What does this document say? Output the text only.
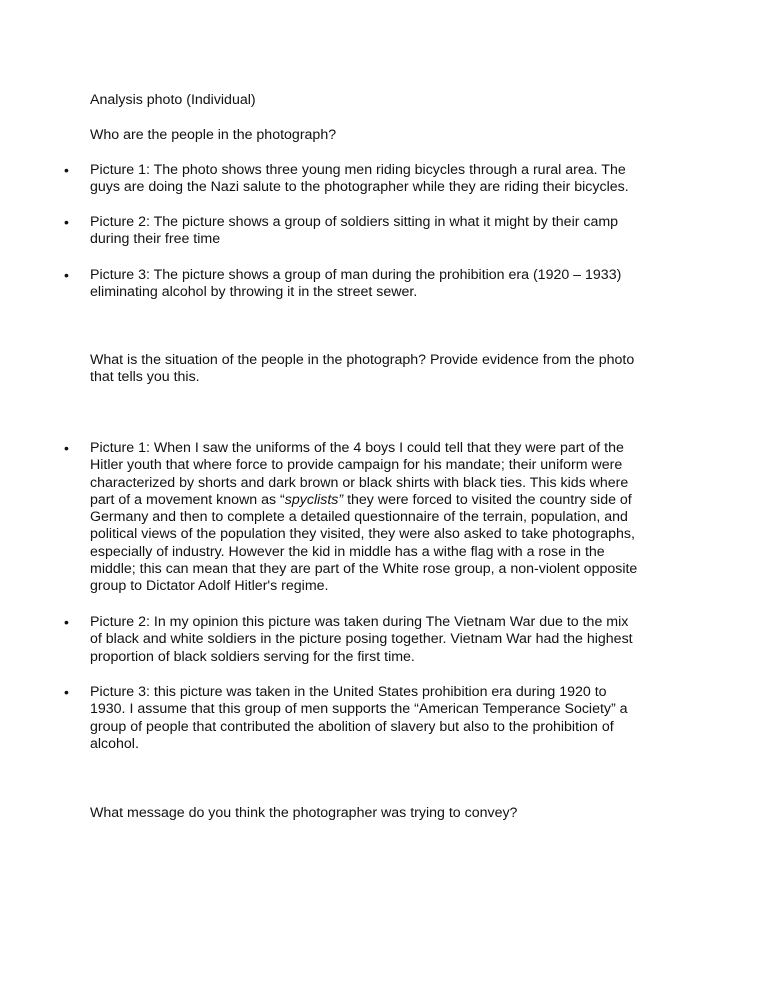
Analysis photo (Individual)

Who are the people in the photograph?

• Picture 1: The photo shows three young men riding bicycles through a rural area. The
guys are doing the Nazi salute to the photographer while they are riding their bicycles.

• Picture 2: The picture shows a group of soldiers sitting in what it might by their camp
during their free time

• Picture 3: The picture shows a group of man during the prohibition era (1920 – 1933)
eliminating alcohol by throwing it in the street sewer.

What is the situation of the people in the photograph? Provide evidence from the photo
that tells you this.

• Picture 1: When I saw the uniforms of the 4 boys I could tell that they were part of the
Hitler youth that where force to provide campaign for his mandate; their uniform were
characterized by shorts and dark brown or black shirts with black ties. This kids where
part of a movement known as “spyclists” they were forced to visited the country side of
Germany and then to complete a detailed questionnaire of the terrain, population, and
political views of the population they visited, they were also asked to take photographs,
especially of industry. However the kid in middle has a withe flag with a rose in the
middle; this can mean that they are part of the White rose group, a non-violent opposite
group to Dictator Adolf Hitler's regime.

• Picture 2: In my opinion this picture was taken during The Vietnam War due to the mix
of black and white soldiers in the picture posing together. Vietnam War had the highest
proportion of black soldiers serving for the first time.

• Picture 3: this picture was taken in the United States prohibition era during 1920 to
1930. I assume that this group of men supports the “American Temperance Society” a
group of people that contributed the abolition of slavery but also to the prohibition of
alcohol.

What message do you think the photographer was trying to convey?
